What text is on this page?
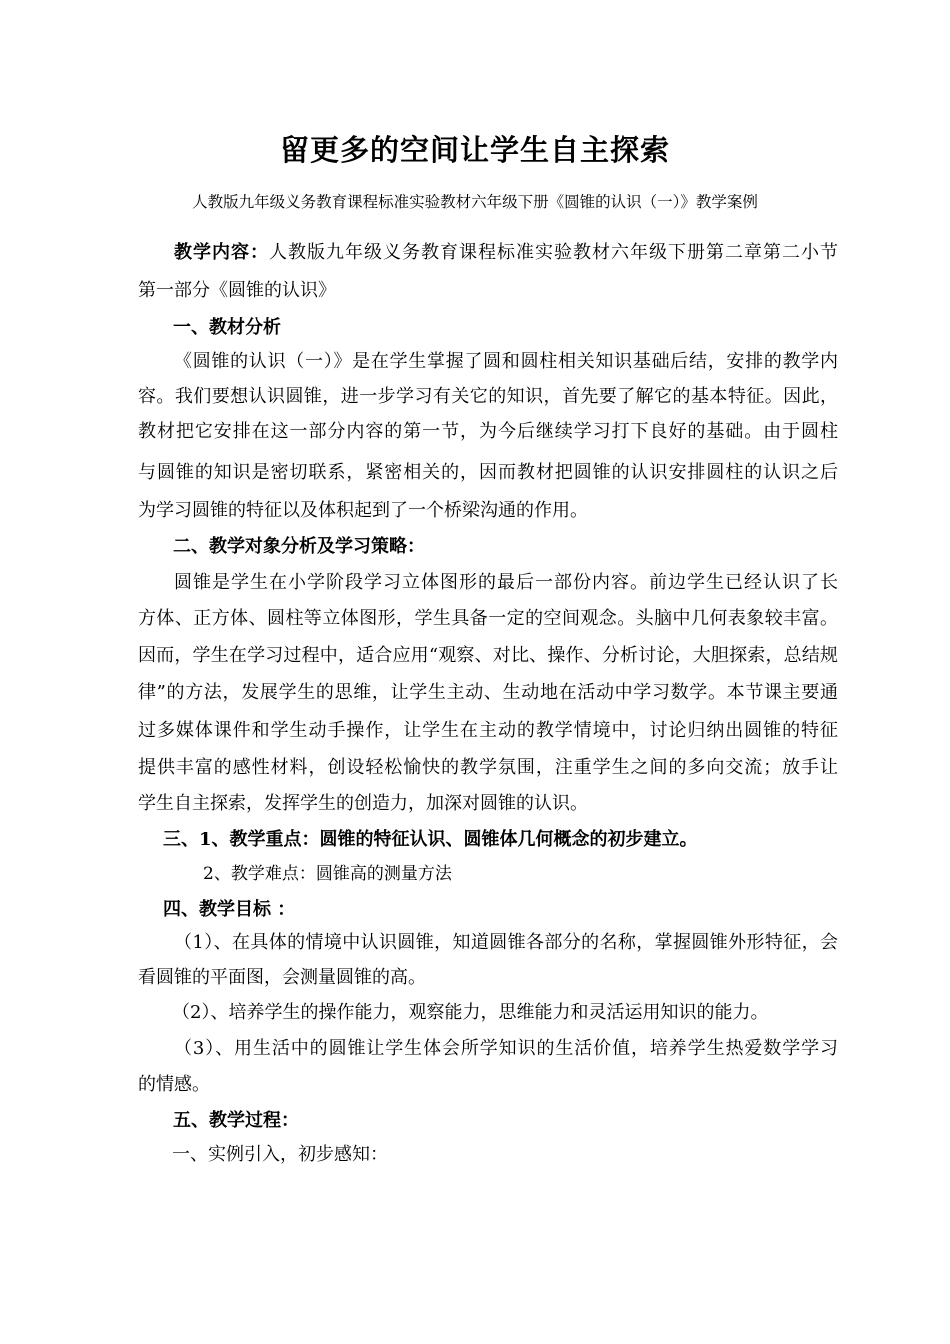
留更多的空间让学生自主探索
人教版九年级义务教育课程标准实验教材六年级下册《圆锥的认识（一）》教学案例
教学内容：人教版九年级义务教育课程标准实验教材六年级下册第二章第二小节
第一部分《圆锥的认识》
一、教材分析
《圆锥的认识（一）》是在学生掌握了圆和圆柱相关知识基础后结，安排的教学内
容。我们要想认识圆锥，进一步学习有关它的知识，首先要了解它的基本特征。因此，
教材把它安排在这一部分内容的第一节，为今后继续学习打下良好的基础。由于圆柱
与圆锥的知识是密切联系，紧密相关的，因而教材把圆锥的认识安排圆柱的认识之后
为学习圆锥的特征以及体积起到了一个桥梁沟通的作用。
二、教学对象分析及学习策略：
圆锥是学生在小学阶段学习立体图形的最后一部份内容。前边学生已经认识了长
方体、正方体、圆柱等立体图形，学生具备一定的空间观念。头脑中几何表象较丰富。
因而，学生在学习过程中，适合应用“观察、对比、操作、分析讨论，大胆探索，总结规
律”的方法，发展学生的思维，让学生主动、生动地在活动中学习数学。本节课主要通
过多媒体课件和学生动手操作，让学生在主动的教学情境中，讨论归纳出圆锥的特征
提供丰富的感性材料，创设轻松愉快的教学氛围，注重学生之间的多向交流；放手让
学生自主探索，发挥学生的创造力，加深对圆锥的认识。
三、1、教学重点：圆锥的特征认识、圆锥体几何概念的初步建立。
2、教学难点：圆锥高的测量方法
四、教学目标 ：
（1）、在具体的情境中认识圆锥，知道圆锥各部分的名称，掌握圆锥外形特征，会
看圆锥的平面图，会测量圆锥的高。
（2）、培养学生的操作能力，观察能力，思维能力和灵活运用知识的能力。
（3）、用生活中的圆锥让学生体会所学知识的生活价值，培养学生热爱数学学习
的情感。
五、教学过程：
一、实例引入，初步感知：
